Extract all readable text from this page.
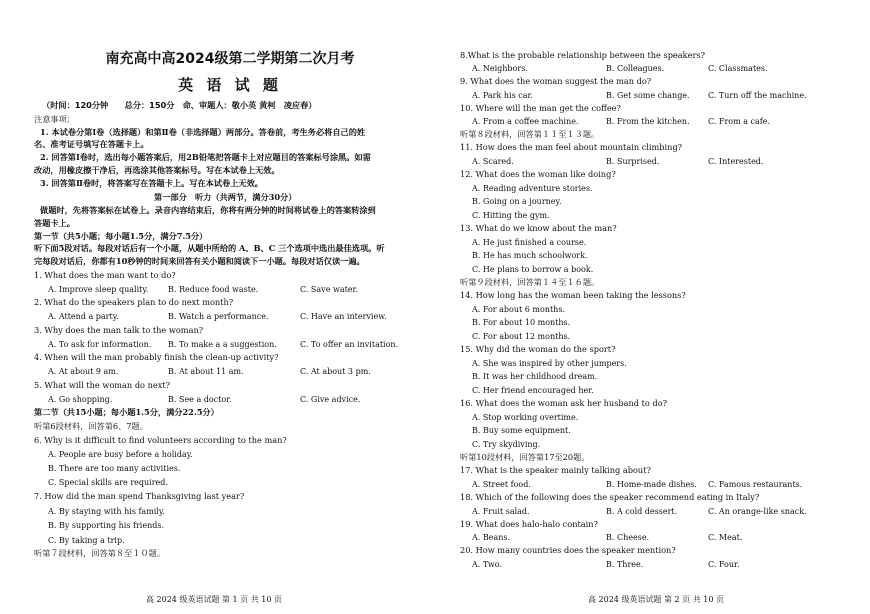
南充高中高2024级第二学期第二次月考
英 语 试 题
（时间：120分钟　　总分：150分　命、审题人：敬小英 黄柯　凌应春）
注意事项：
1. 本试卷分第Ⅰ卷（选择题）和第Ⅱ卷（非选择题）两部分。答卷前，考生务必将自己的姓
名、准考证号填写在答题卡上。
2. 回答第Ⅰ卷时，选出每小题答案后，用2B铅笔把答题卡上对应题目的答案标号涂黑。如需
改动，用橡皮擦干净后，再选涂其他答案标号。写在本试卷上无效。
3. 回答第Ⅱ卷时，将答案写在答题卡上。写在本试卷上无效。
第一部分　听力（共两节，满分30分）
做题时，先将答案标在试卷上。录音内容结束后，你将有两分钟的时间将试卷上的答案转涂到
答题卡上。
第一节（共5小题；每小题1.5分，满分7.5分）
听下面5段对话。每段对话后有一个小题，从题中所给的 A、B、C 三个选项中选出最佳选项。听
完每段对话后，你都有10秒钟的时间来回答有关小题和阅读下一小题。每段对话仅读一遍。
1. What does the man want to do?
A. Improve sleep quality. B. Reduce food waste.	C. Save water.
2. What do the speakers plan to do next month?
A. Attend a party.	B. Watch a performance.	C. Have an interview.
3. Why does the man talk to the woman?
A. To ask for information. B. To make a a suggestion.	C. To offer an invitation.
4. When will the man probably finish the clean-up activity?
A. At about 9 am.	B. At about 11 am.	C. At about 3 pm.
5. What will the woman do next?
A. Go shopping.	B. See a doctor.	C. Give advice.
第二节（共15小题；每小题1.5分，满分22.5分）
听第6段材料，回答第6、7题。
6. Why is it difficult to find volunteers according to the man?
A. People are busy before a holiday.
B. There are too many activities.
C. Special skills are required.
7. How did the man spend Thanksgiving last year?
A. By staying with his family.
B. By supporting his friends.
C. By taking a trip.
听第７段材料，回答第８至１０题。
高 2024 级英语试题 第 1 页 共 10 页
8.What is the probable relationship between the speakers?
A. Neighbors.	B. Colleagues.	C. Classmates.
9. What does the woman suggest the man do?
A. Park his car.	B. Get some change. C. Turn off the machine.
10. Where will the man get the coffee?
A. From a coffee machine.	B. From the kitchen. C. From a cafe.
听第８段材料，回答第１１至１３题。
11. How does the man feel about mountain climbing?
A. Scared.	B. Surprised.	C. Interested.
12. What does the woman like doing?
A. Reading adventure stories.
B. Going on a journey.
C. Hitting the gym.
13. What do we know about the man?
A. He just finished a course.
B. He has much schoolwork.
C. He plans to borrow a book.
听第９段材料，回答第１４至１６题。
14. How long has the woman been taking the lessons?
A. For about 6 months.
B. For about 10 months.
C. For about 12 months.
15. Why did the woman do the sport?
A. She was inspired by other jumpers.
B. It was her childhood dream.
C. Her friend encouraged her.
16. What does the woman ask her husband to do?
A. Stop working overtime.
B. Buy some equipment.
C. Try skydiving.
听第10段材料，回答第17至20题。
17. What is the speaker mainly talking about?
A. Street food.	B. Home-made dishes. C. Famous restaurants.
18. Which of the following does the speaker recommend eating in Italy?
A. Fruit salad.	B. A cold dessert.	C. An orange-like snack.
19. What does halo-halo contain?
A. Beans.	B. Cheese.	C. Meat.
20. How many countries does the speaker mention?
A. Two.	B. Three.	C. Four.
高 2024 级英语试题 第 2 页 共 10 页
